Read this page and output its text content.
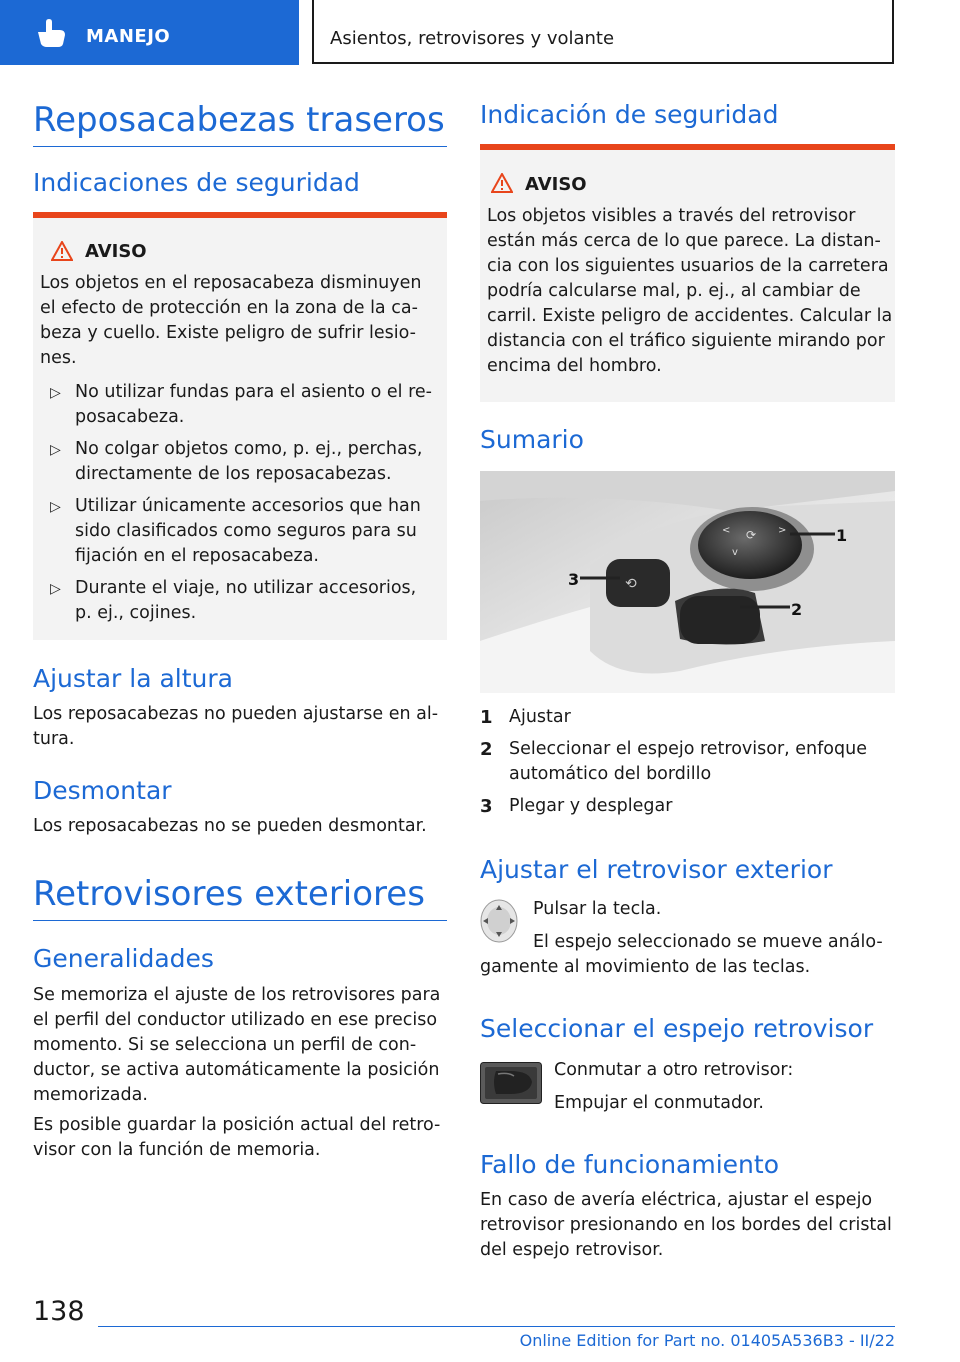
MANEJO	Asientos, retrovisores y volante
Reposacabezas traseros
Indicaciones de seguridad
AVISO
Los objetos en el reposacabeza disminuyen
el efecto de protección en la zona de la ca-
beza y cuello. Existe peligro de sufrir lesio-
nes.
▷ No utilizar fundas para el asiento o el re-
posacabeza.
▷ No colgar objetos como, p. ej., perchas,
directamente de los reposacabezas.
▷ Utilizar únicamente accesorios que han
sido clasificados como seguros para su
fijación en el reposacabeza.
▷ Durante el viaje, no utilizar accesorios,
p. ej., cojines.
Ajustar la altura
Los reposacabezas no pueden ajustarse en al-
tura.
Desmontar
Los reposacabezas no se pueden desmontar.
Retrovisores exteriores
Generalidades
Se memoriza el ajuste de los retrovisores para
el perfil del conductor utilizado en ese preciso
momento. Si se selecciona un perfil de con-
ductor, se activa automáticamente la posición
memorizada.
Es posible guardar la posición actual del retro-
visor con la función de memoria.
Indicación de seguridad
AVISO
Los objetos visibles a través del retrovisor
están más cerca de lo que parece. La distan-
cia con los siguientes usuarios de la carretera
podría calcularse mal, p. ej., al cambiar de
carril. Existe peligro de accidentes. Calcular la
distancia con el tráfico siguiente mirando por
encima del hombro.
Sumario
⟳
<	>
v
⟲
1
2
3
1 Ajustar
2 Seleccionar el espejo retrovisor, enfoque
automático del bordillo
3 Plegar y desplegar
Ajustar el retrovisor exterior
Pulsar la tecla.
El espejo seleccionado se mueve análo-
gamente al movimiento de las teclas.
Seleccionar el espejo retrovisor
Conmutar a otro retrovisor:
Empujar el conmutador.
Fallo de funcionamiento
En caso de avería eléctrica, ajustar el espejo
retrovisor presionando en los bordes del cristal
del espejo retrovisor.
138
Online Edition for Part no. 01405A536B3 - II/22
